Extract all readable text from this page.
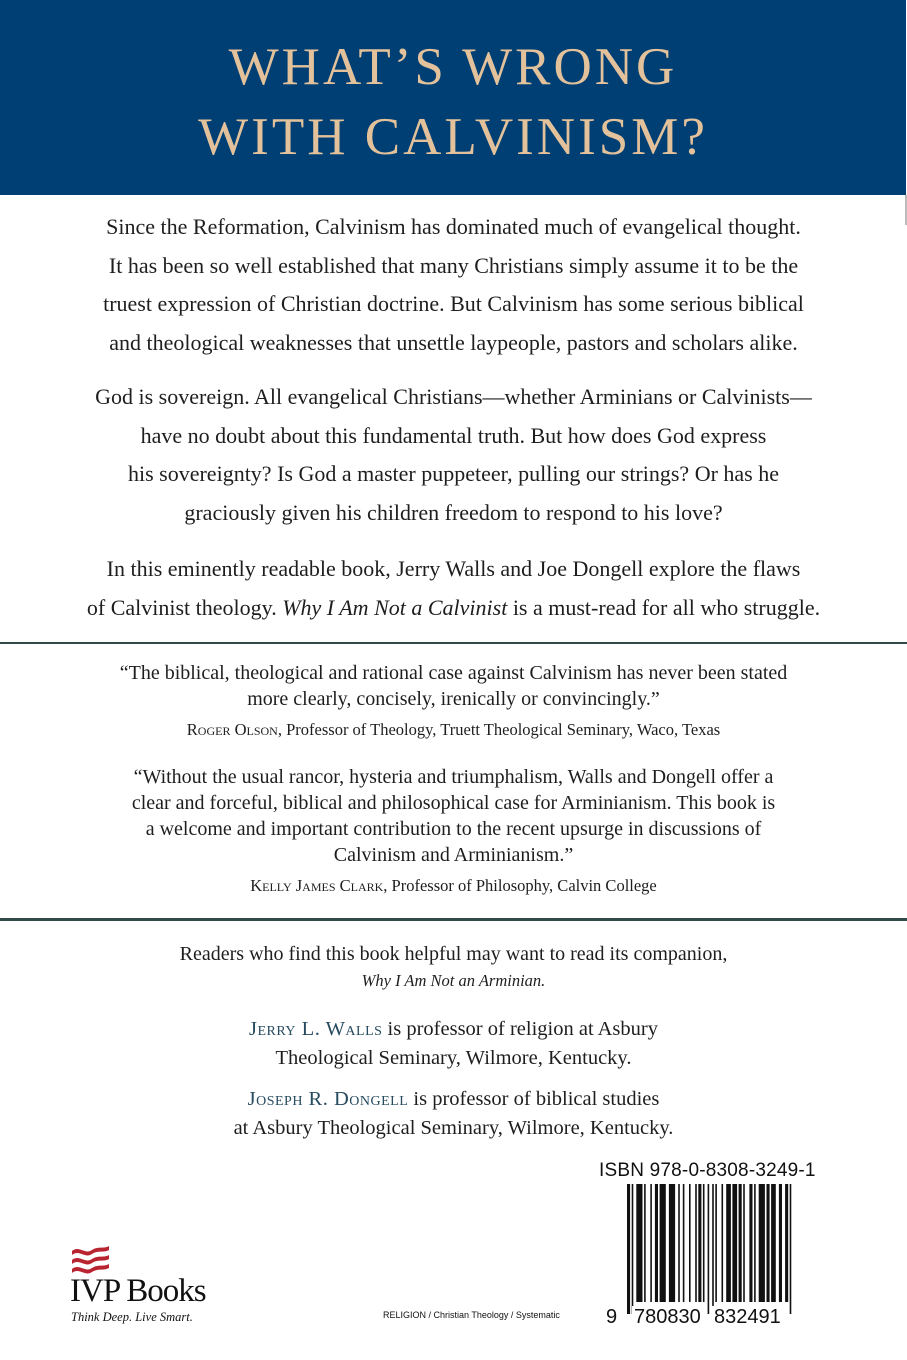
WHAT’S WRONG
WITH CALVINISM?
Since the Reformation, Calvinism has dominated much of evangelical thought.
It has been so well established that many Christians simply assume it to be the
truest expression of Christian doctrine. But Calvinism has some serious biblical
and theological weaknesses that unsettle laypeople, pastors and scholars alike.
God is sovereign. All evangelical Christians—whether Arminians or Calvinists—
have no doubt about this fundamental truth. But how does God express
his sovereignty? Is God a master puppeteer, pulling our strings? Or has he
graciously given his children freedom to respond to his love?
In this eminently readable book, Jerry Walls and Joe Dongell explore the flaws
of Calvinist theology. Why I Am Not a Calvinist is a must-read for all who struggle.
“The biblical, theological and rational case against Calvinism has never been stated
more clearly, concisely, irenically or convincingly.”
Roger Olson, Professor of Theology, Truett Theological Seminary, Waco, Texas
“Without the usual rancor, hysteria and triumphalism, Walls and Dongell offer a
clear and forceful, biblical and philosophical case for Arminianism. This book is
a welcome and important contribution to the recent upsurge in discussions of
Calvinism and Arminianism.”
Kelly James Clark, Professor of Philosophy, Calvin College
Readers who find this book helpful may want to read its companion,
Why I Am Not an Arminian.
Jerry L. Walls is professor of religion at Asbury
Theological Seminary, Wilmore, Kentucky.
Joseph R. Dongell is professor of biblical studies
at Asbury Theological Seminary, Wilmore, Kentucky.
ISBN 978-0-8308-3249-1
9 780830 832491
RELIGION / Christian Theology / Systematic
IVP Books
Think Deep. Live Smart.
